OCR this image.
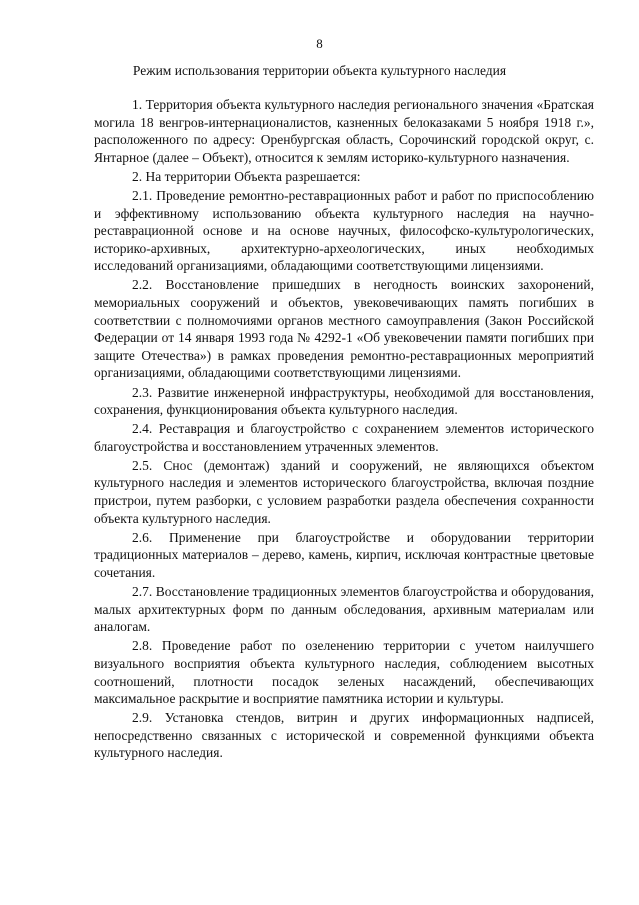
8
Режим использования территории объекта культурного наследия

1. Территория объекта культурного наследия регионального значения «Братская могила 18 венгров-интернационалистов, казненных белоказаками 5 ноября 1918 г.», расположенного по адресу: Оренбургская область, Сорочинский городской округ, с. Янтарное (далее – Объект), относится к землям историко-культурного назначения.

2. На территории Объекта разрешается:

2.1. Проведение ремонтно-реставрационных работ и работ по приспособлению и эффективному использованию объекта культурного наследия на научно-реставрационной основе и на основе научных, философско-культурологических, историко-архивных, архитектурно-археологических, иных необходимых исследований организациями, обладающими соответствующими лицензиями.

2.2. Восстановление пришедших в негодность воинских захоронений, мемориальных сооружений и объектов, увековечивающих память погибших в соответствии с полномочиями органов местного самоуправления (Закон Российской Федерации от 14 января 1993 года № 4292-1 «Об увековечении памяти погибших при защите Отечества») в рамках проведения ремонтно-реставрационных мероприятий организациями, обладающими соответствующими лицензиями.

2.3. Развитие инженерной инфраструктуры, необходимой для восстановления, сохранения, функционирования объекта культурного наследия.

2.4. Реставрация и благоустройство с сохранением элементов исторического благоустройства и восстановлением утраченных элементов.

2.5. Снос (демонтаж) зданий и сооружений, не являющихся объектом культурного наследия и элементов исторического благоустройства, включая поздние пристрои, путем разборки, с условием разработки раздела обеспечения сохранности объекта культурного наследия.

2.6. Применение при благоустройстве и оборудовании территории традиционных материалов – дерево, камень, кирпич, исключая контрастные цветовые сочетания.

2.7. Восстановление традиционных элементов благоустройства и оборудования, малых архитектурных форм по данным обследования, архивным материалам или аналогам.

2.8. Проведение работ по озеленению территории с учетом наилучшего визуального восприятия объекта культурного наследия, соблюдением высотных соотношений, плотности посадок зеленых насаждений, обеспечивающих максимальное раскрытие и восприятие памятника истории и культуры.

2.9. Установка стендов, витрин и других информационных надписей, непосредственно связанных с исторической и современной функциями объекта культурного наследия.
